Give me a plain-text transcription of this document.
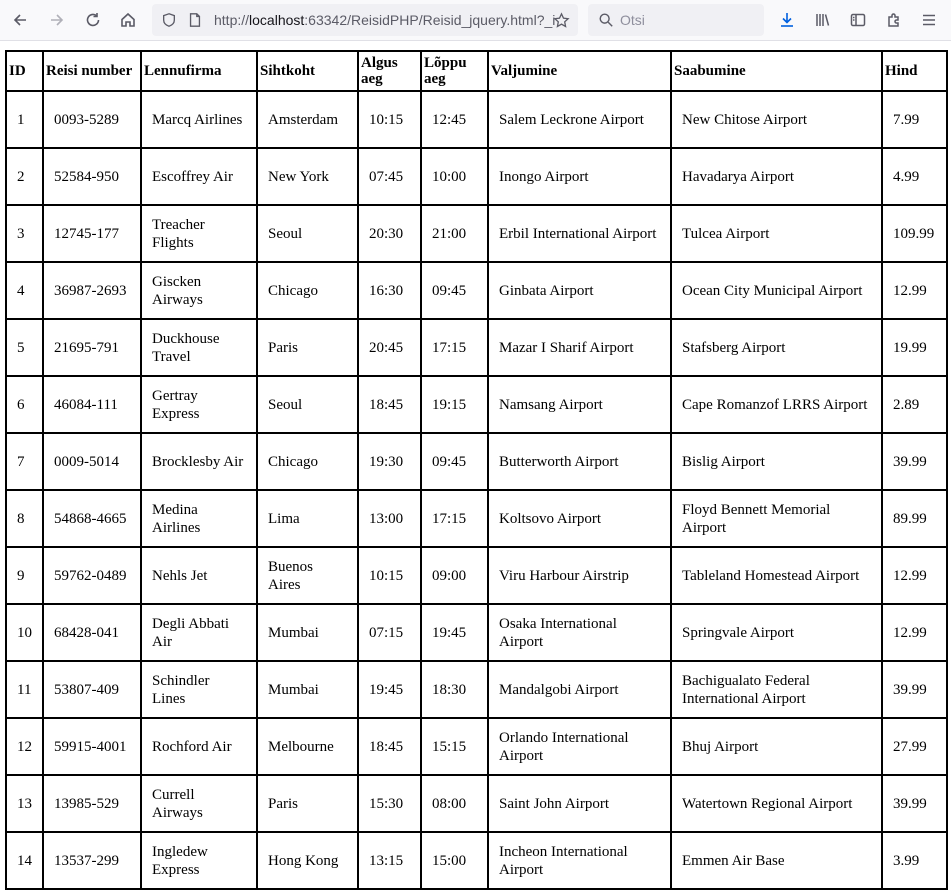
http://localhost:63342/ReisidPHP/Reisid_jquery.html?_i	Otsi
ID	Reisi number	Lennufirma	Sihtkoht	Algus aeg	Lõppu aeg	Valjumine	Saabumine	Hind
1	0093-5289	Marcq Airlines	Amsterdam	10:15	12:45	Salem Leckrone Airport	New Chitose Airport	7.99
2	52584-950	Escoffrey Air	New York	07:45	10:00	Inongo Airport	Havadarya Airport	4.99
3	12745-177	Treacher Flights	Seoul	20:30	21:00	Erbil International Airport	Tulcea Airport	109.99
4	36987-2693	Giscken Airways	Chicago	16:30	09:45	Ginbata Airport	Ocean City Municipal Airport	12.99
5	21695-791	Duckhouse Travel	Paris	20:45	17:15	Mazar I Sharif Airport	Stafsberg Airport	19.99
6	46084-111	Gertray Express	Seoul	18:45	19:15	Namsang Airport	Cape Romanzof LRRS Airport	2.89
7	0009-5014	Brocklesby Air	Chicago	19:30	09:45	Butterworth Airport	Bislig Airport	39.99
8	54868-4665	Medina Airlines	Lima	13:00	17:15	Koltsovo Airport	Floyd Bennett Memorial Airport	89.99
9	59762-0489	Nehls Jet	Buenos Aires	10:15	09:00	Viru Harbour Airstrip	Tableland Homestead Airport	12.99
10	68428-041	Degli Abbati Air	Mumbai	07:15	19:45	Osaka International Airport	Springvale Airport	12.99
11	53807-409	Schindler Lines	Mumbai	19:45	18:30	Mandalgobi Airport	Bachigualato Federal International Airport	39.99
12	59915-4001	Rochford Air	Melbourne	18:45	15:15	Orlando International Airport	Bhuj Airport	27.99
13	13985-529	Currell Airways	Paris	15:30	08:00	Saint John Airport	Watertown Regional Airport	39.99
14	13537-299	Ingledew Express	Hong Kong	13:15	15:00	Incheon International Airport	Emmen Air Base	3.99
